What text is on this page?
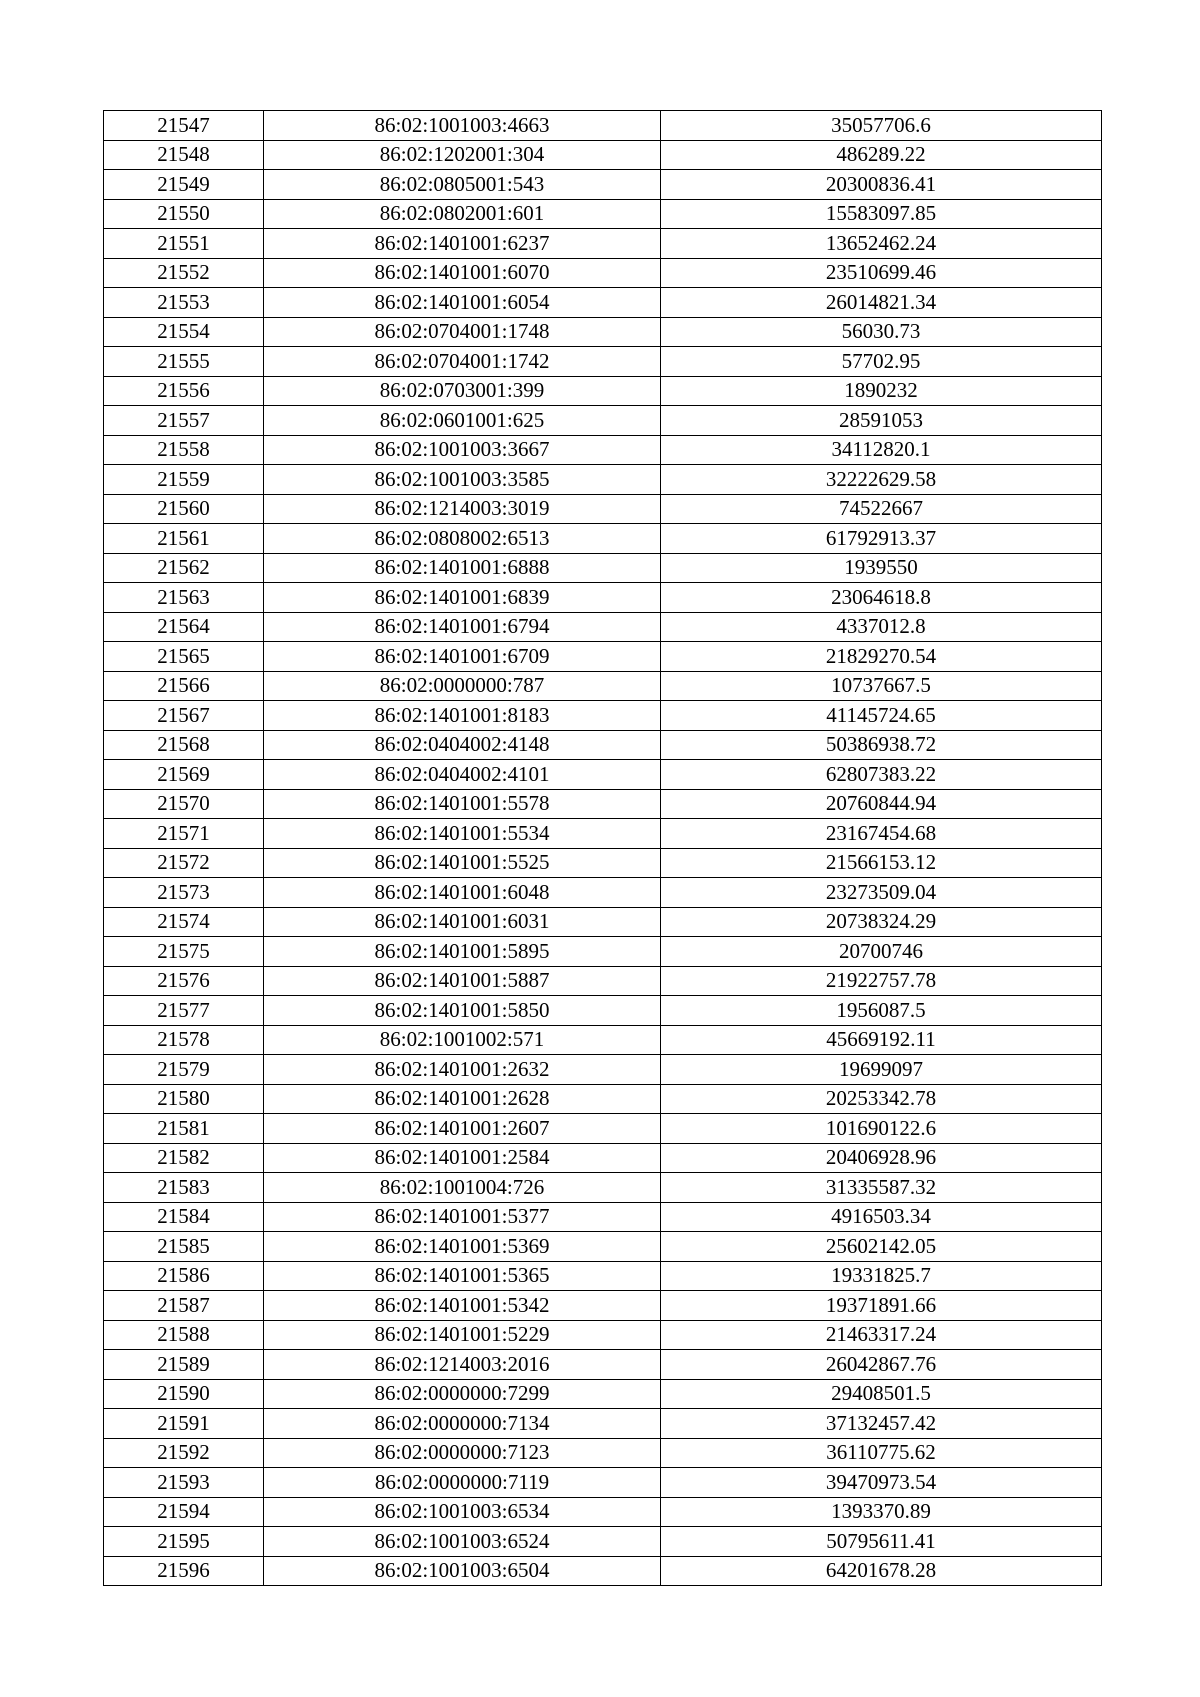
21547	86:02:1001003:4663	35057706.6
21548	86:02:1202001:304	486289.22
21549	86:02:0805001:543	20300836.41
21550	86:02:0802001:601	15583097.85
21551	86:02:1401001:6237	13652462.24
21552	86:02:1401001:6070	23510699.46
21553	86:02:1401001:6054	26014821.34
21554	86:02:0704001:1748	56030.73
21555	86:02:0704001:1742	57702.95
21556	86:02:0703001:399	1890232
21557	86:02:0601001:625	28591053
21558	86:02:1001003:3667	34112820.1
21559	86:02:1001003:3585	32222629.58
21560	86:02:1214003:3019	74522667
21561	86:02:0808002:6513	61792913.37
21562	86:02:1401001:6888	1939550
21563	86:02:1401001:6839	23064618.8
21564	86:02:1401001:6794	4337012.8
21565	86:02:1401001:6709	21829270.54
21566	86:02:0000000:787	10737667.5
21567	86:02:1401001:8183	41145724.65
21568	86:02:0404002:4148	50386938.72
21569	86:02:0404002:4101	62807383.22
21570	86:02:1401001:5578	20760844.94
21571	86:02:1401001:5534	23167454.68
21572	86:02:1401001:5525	21566153.12
21573	86:02:1401001:6048	23273509.04
21574	86:02:1401001:6031	20738324.29
21575	86:02:1401001:5895	20700746
21576	86:02:1401001:5887	21922757.78
21577	86:02:1401001:5850	1956087.5
21578	86:02:1001002:571	45669192.11
21579	86:02:1401001:2632	19699097
21580	86:02:1401001:2628	20253342.78
21581	86:02:1401001:2607	101690122.6
21582	86:02:1401001:2584	20406928.96
21583	86:02:1001004:726	31335587.32
21584	86:02:1401001:5377	4916503.34
21585	86:02:1401001:5369	25602142.05
21586	86:02:1401001:5365	19331825.7
21587	86:02:1401001:5342	19371891.66
21588	86:02:1401001:5229	21463317.24
21589	86:02:1214003:2016	26042867.76
21590	86:02:0000000:7299	29408501.5
21591	86:02:0000000:7134	37132457.42
21592	86:02:0000000:7123	36110775.62
21593	86:02:0000000:7119	39470973.54
21594	86:02:1001003:6534	1393370.89
21595	86:02:1001003:6524	50795611.41
21596	86:02:1001003:6504	64201678.28
